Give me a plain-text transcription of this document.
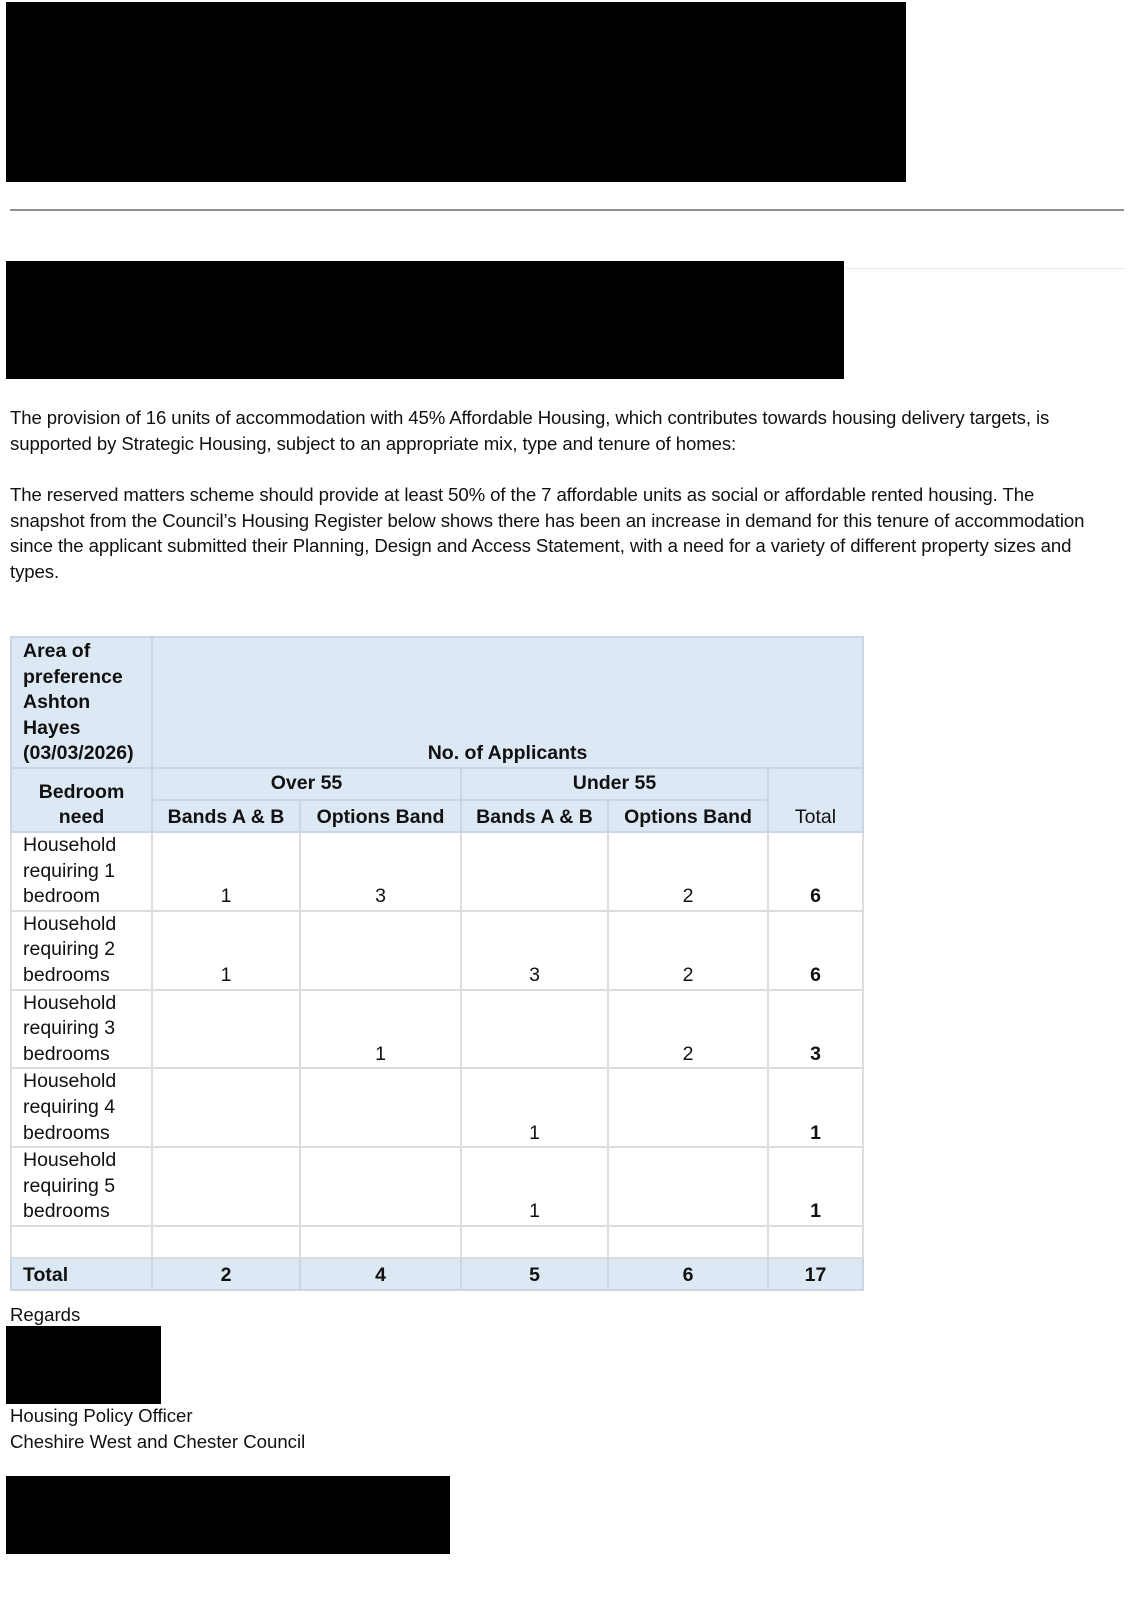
The provision of 16 units of accommodation with 45% Affordable Housing, which contributes towards housing delivery targets, is supported by Strategic Housing, subject to an appropriate mix, type and tenure of homes:

The reserved matters scheme should provide at least 50% of the 7 affordable units as social or affordable rented housing. The snapshot from the Council’s Housing Register below shows there has been an increase in demand for this tenure of accommodation since the applicant submitted their Planning, Design and Access Statement, with a need for a variety of different property sizes and types.

Area of
preference
Ashton Hayes
(03/03/2026)	No. of Applicants				

Bedroom
need	Over 55		Under 55		Total
	Bands A & B	Options Band	Bands A & B	Options Band	

Household
requiring 1
bedroom	1	3		2	6

Household
requiring 2
bedrooms	1		3	2	6

Household
requiring 3
bedrooms		1		2	3

Household
requiring 4
bedrooms			1		1

Household
requiring 5
bedrooms			1		1

Total	2	4	5	6	17

Regards

Housing Policy Officer

Cheshire West and Chester Council
